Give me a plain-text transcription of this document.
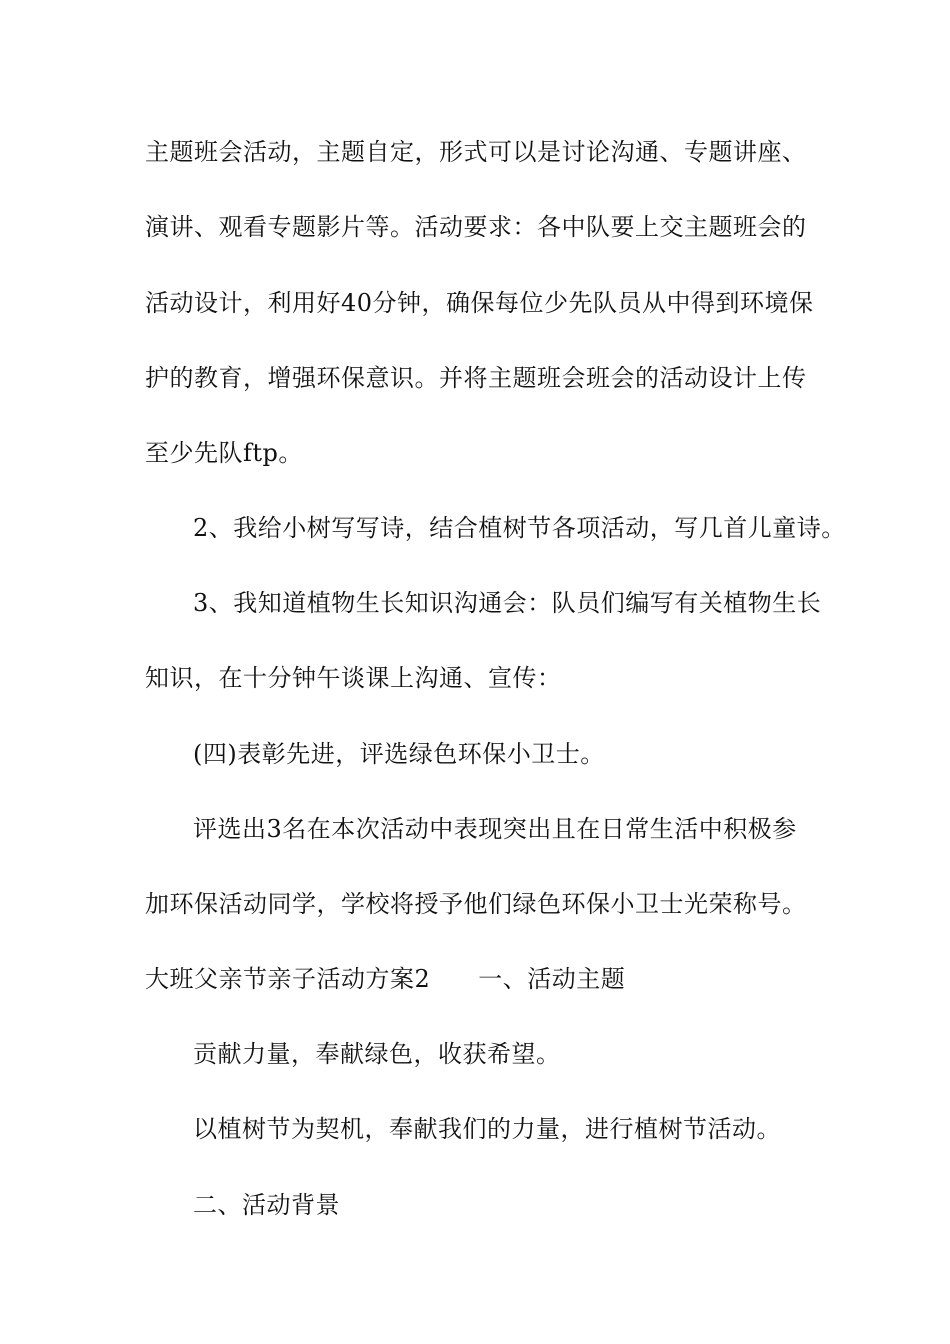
主题班会活动，主题自定，形式可以是讨论沟通、专题讲座、
演讲、观看专题影片等。活动要求：各中队要上交主题班会的
活动设计，利用好40分钟，确保每位少先队员从中得到环境保
护的教育，增强环保意识。并将主题班会班会的活动设计上传
至少先队ftp。
2、我给小树写写诗，结合植树节各项活动，写几首儿童诗。
3、我知道植物生长知识沟通会：队员们编写有关植物生长
知识，在十分钟午谈课上沟通、宣传：
(四)表彰先进，评选绿色环保小卫士。
评选出3名在本次活动中表现突出且在日常生活中积极参
加环保活动同学，学校将授予他们绿色环保小卫士光荣称号。
大班父亲节亲子活动方案2 一、活动主题
贡献力量，奉献绿色，收获希望。
以植树节为契机，奉献我们的力量，进行植树节活动。
二、活动背景
